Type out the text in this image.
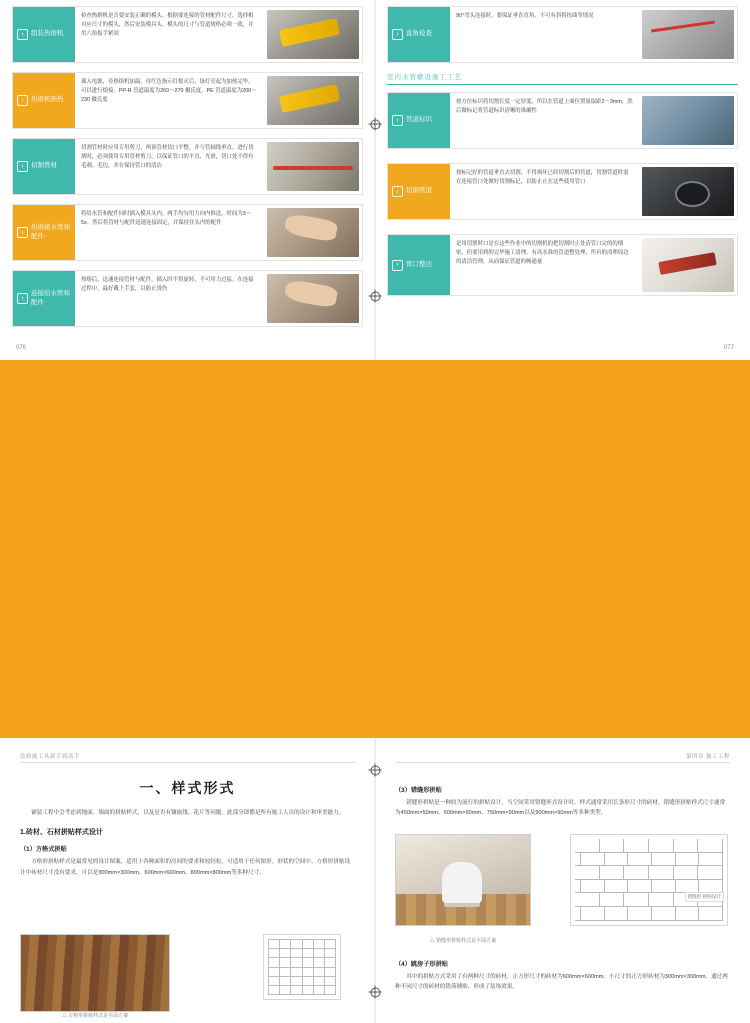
›	组装热熔机
检查热熔机是否要安装正确的模头。根据要连接的管材配件尺寸，选择相对应尺寸的模头，然后安装模具头。模头的尺寸与管道规格必须一致，并用六角扳手紧固
›	热熔机预热
插入电源，待热熔机加温。待红色指示灯熄灭后，绿灯亮起为加热完毕，可以进行熔接。PP-R 管道温度为260～270 摄氏度，PE 管道温度为200～230 摄氏度
›	切割管材
切割管材时应用专用剪刀，两顶管材切口平整，并与管轴线垂直。进行切割时，必须使用专用管材剪刀，以保证管口的平直、光滑，切口处不得有毛刺、毛边，并在保持管口的清洁
›
热熔接水管和配件
将给水管和配件同时插入模具头内，两手均匀用力向内推送，时间为3～5s。然后将管材与配件迅速连接固定，并保持住头内的配件
›
连接给水管和配件
热熔后，迅速连接管材与配件，插入时不得旋转，不可用力过猛。在连接过程中，最好戴上手套，以防止烫伤
076
›	直角检查
90°弯头连接时，要保证垂直直角，不可有斜拐扭曲等情况
室内水管敷设施工工艺
›	管道标识
按方位标识将切割长度一定厚度，所以在管道上面位置量取距2～3mm，然后做标记将管道标识清晰的准确性
›	切割管道
按标记好的管道垂直去切割，不得损坏已经切割后的管道，切割管道时需在连接管口处做好切割标记，以防止止在这些使用管口
›	管口整边
是用切割时口是在这些作业中的切割机的把切割时止处清管口完的的细密，但要用到的完毕施工清理。有高水准的管道整处理，所有的清理周边的清洁管理，从而保证管道的畅通量
077
装修施工从新手到高手
一、样式形式

铺装工程中会考虑到地面、墙面的拼贴样式，以及是否有镶嵌线、花片等问题。此部分即都是所有施工人员的设计和审美能力。

1.砖材、石材拼贴样式设计
（1）方格式拼贴

方格形拼贴样式是最常见的设计图案，适用于各种面积的房间的要求和较轻松，可适用于任何图形。形状的空间中。方格形拼贴设计中砖材尺寸没有要求，可以是300mm×300mm、600mm×600mm、800mm×800mm等多种尺寸。

△ 方格形拼贴样式是平面方案
第四章 施工工程
（3）错缝形拼贴

错缝形拼贴是一种较为流行的拼贴设计，当空间采用错缝形式设计时，样式通常采用长条形尺寸的砖材。错缝形拼贴样式尺寸通常为450mm×50mm、500mm×60mm、750mm×90mm以及900mm×90mm等多种类型。

错缝形 拼贴设计
△ 错缝形拼贴样式是平面方案
（4）跳房子形拼贴

其中的拼贴方式采用了有两种尺寸的砖材，正方形尺寸的砖材为600mm×600mm、小尺寸的正方形砖材为300mm×300mm。通过两种不同尺寸的砖材的错落铺贴，形成了装饰效果。
